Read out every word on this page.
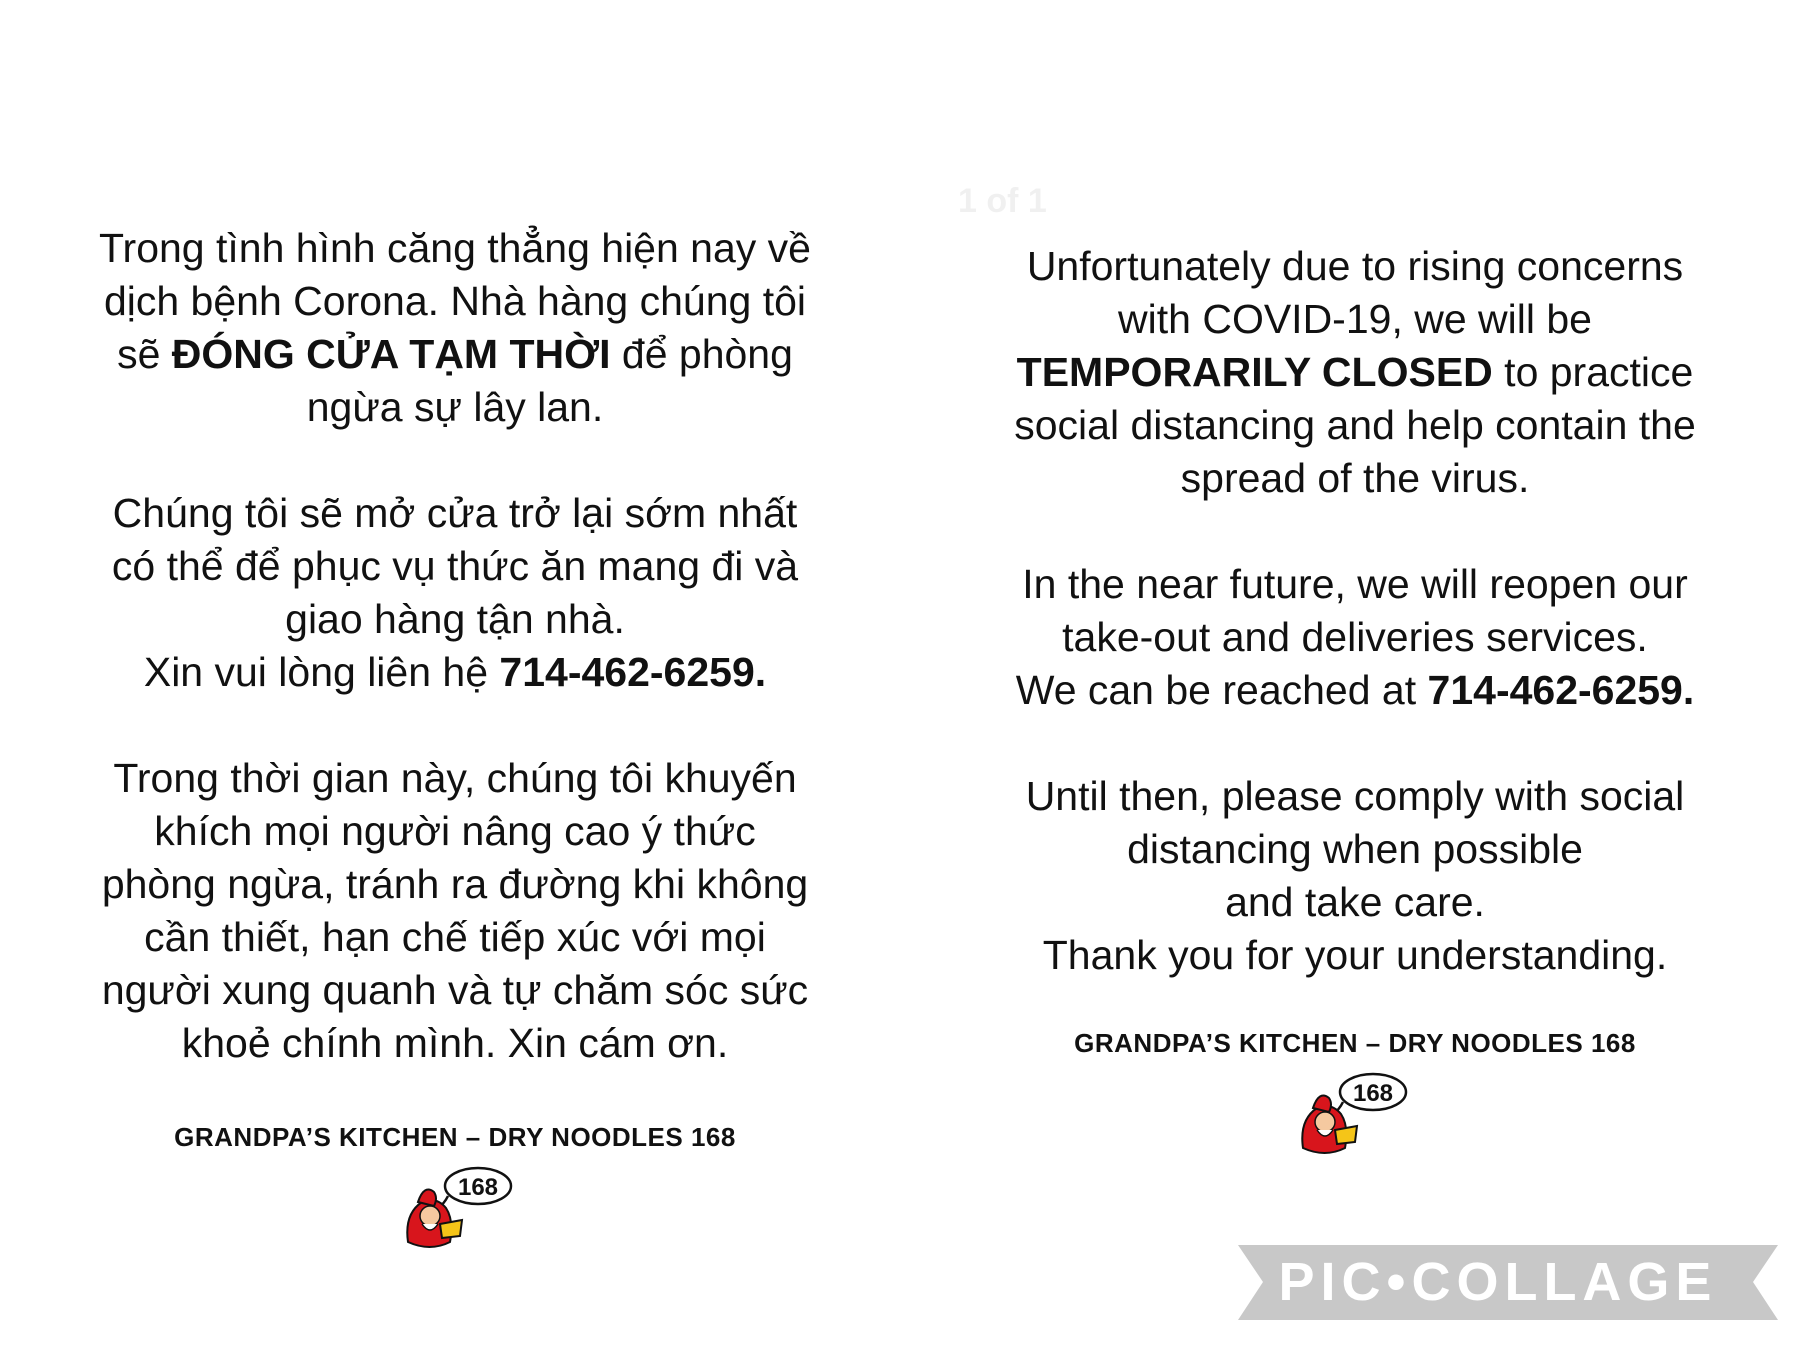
1 of 1

Trong tình hình căng thẳng hiện nay về
dịch bệnh Corona. Nhà hàng chúng tôi
sẽ ĐÓNG CỬA TẠM THỜI để phòng
ngừa sự lây lan.

Chúng tôi sẽ mở cửa trở lại sớm nhất
có thể để phục vụ thức ăn mang đi và
giao hàng tận nhà.
Xin vui lòng liên hệ 714-462-6259.

Trong thời gian này, chúng tôi khuyến
khích mọi người nâng cao ý thức
phòng ngừa, tránh ra đường khi không
cần thiết, hạn chế tiếp xúc với mọi
người xung quanh và tự chăm sóc sức
khoẻ chính mình. Xin cám ơn.

GRANDPA’S KITCHEN – DRY NOODLES 168
168

Unfortunately due to rising concerns
with COVID-19, we will be
TEMPORARILY CLOSED to practice
social distancing and help contain the
spread of the virus.

In the near future, we will reopen our
take-out and deliveries services.
We can be reached at 714-462-6259.

Until then, please comply with social
distancing when possible
and take care.
Thank you for your understanding.

GRANDPA’S KITCHEN – DRY NOODLES 168
168
PIC•COLLAGE
